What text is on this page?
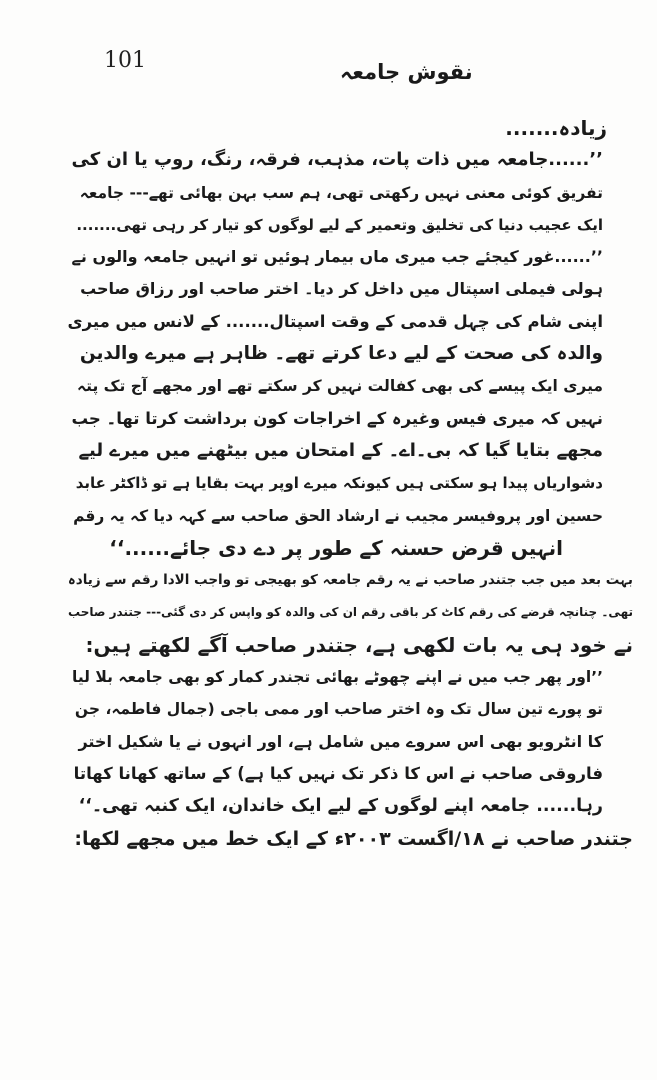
101	نقوش جامعہ
زیادہ.......
’’......جامعہ میں ذات پات، مذہب، فرقہ، رنگ، روپ یا ان کی
تفریق کوئی معنی نہیں رکھتی تھی، ہم سب بہن بھائی تھے--- جامعہ
ایک عجیب دنیا کی تخلیق وتعمیر کے لیے لوگوں کو تیار کر رہی تھی.......
’’......غور کیجئے جب میری ماں بیمار ہوئیں تو انہیں جامعہ والوں نے
ہولی فیملی اسپتال میں داخل کر دیا۔ اختر صاحب اور رزاق صاحب
اپنی شام کی چہل قدمی کے وقت اسپتال....... کے لانس میں میری
والدہ کی صحت کے لیے دعا کرتے تھے۔ ظاہر ہے میرے والدین
میری ایک پیسے کی بھی کفالت نہیں کر سکتے تھے اور مجھے آج تک پتہ
نہیں کہ میری فیس وغیرہ کے اخراجات کون برداشت کرتا تھا۔ جب
مجھے بتایا گیا کہ بی۔اے۔ کے امتحان میں بیٹھنے میں میرے لیے
دشواریاں پیدا ہو سکتی ہیں کیونکہ میرے اوپر بہت بقایا ہے تو ڈاکٹر عابد
حسین اور پروفیسر مجیب نے ارشاد الحق صاحب سے کہہ دیا کہ یہ رقم
انہیں قرض حسنہ کے طور پر دے دی جائے......‘‘
بہت بعد میں جب جتندر صاحب نے یہ رقم جامعہ کو بھیجی تو واجب الادا رقم سے زیادہ
تھی۔ چنانچہ قرضے کی رقم کاٹ کر باقی رقم ان کی والدہ کو واپس کر دی گئی--- جتندر صاحب
نے خود ہی یہ بات لکھی ہے، جتندر صاحب آگے لکھتے ہیں:
’’اور پھر جب میں نے اپنے چھوٹے بھائی تجندر کمار کو بھی جامعہ بلا لیا
تو پورے تین سال تک وہ اختر صاحب اور ممی باجی (جمال فاطمہ، جن
کا انٹرویو بھی اس سروے میں شامل ہے، اور انہوں نے یا شکیل اختر
فاروقی صاحب نے اس کا ذکر تک نہیں کیا ہے) کے ساتھ کھانا کھاتا
رہا...... جامعہ اپنے لوگوں کے لیے ایک خاندان، ایک کنبہ تھی۔‘‘
جتندر صاحب نے ۱۸/اگست ۲۰۰۳ء کے ایک خط میں مجھے لکھا:
